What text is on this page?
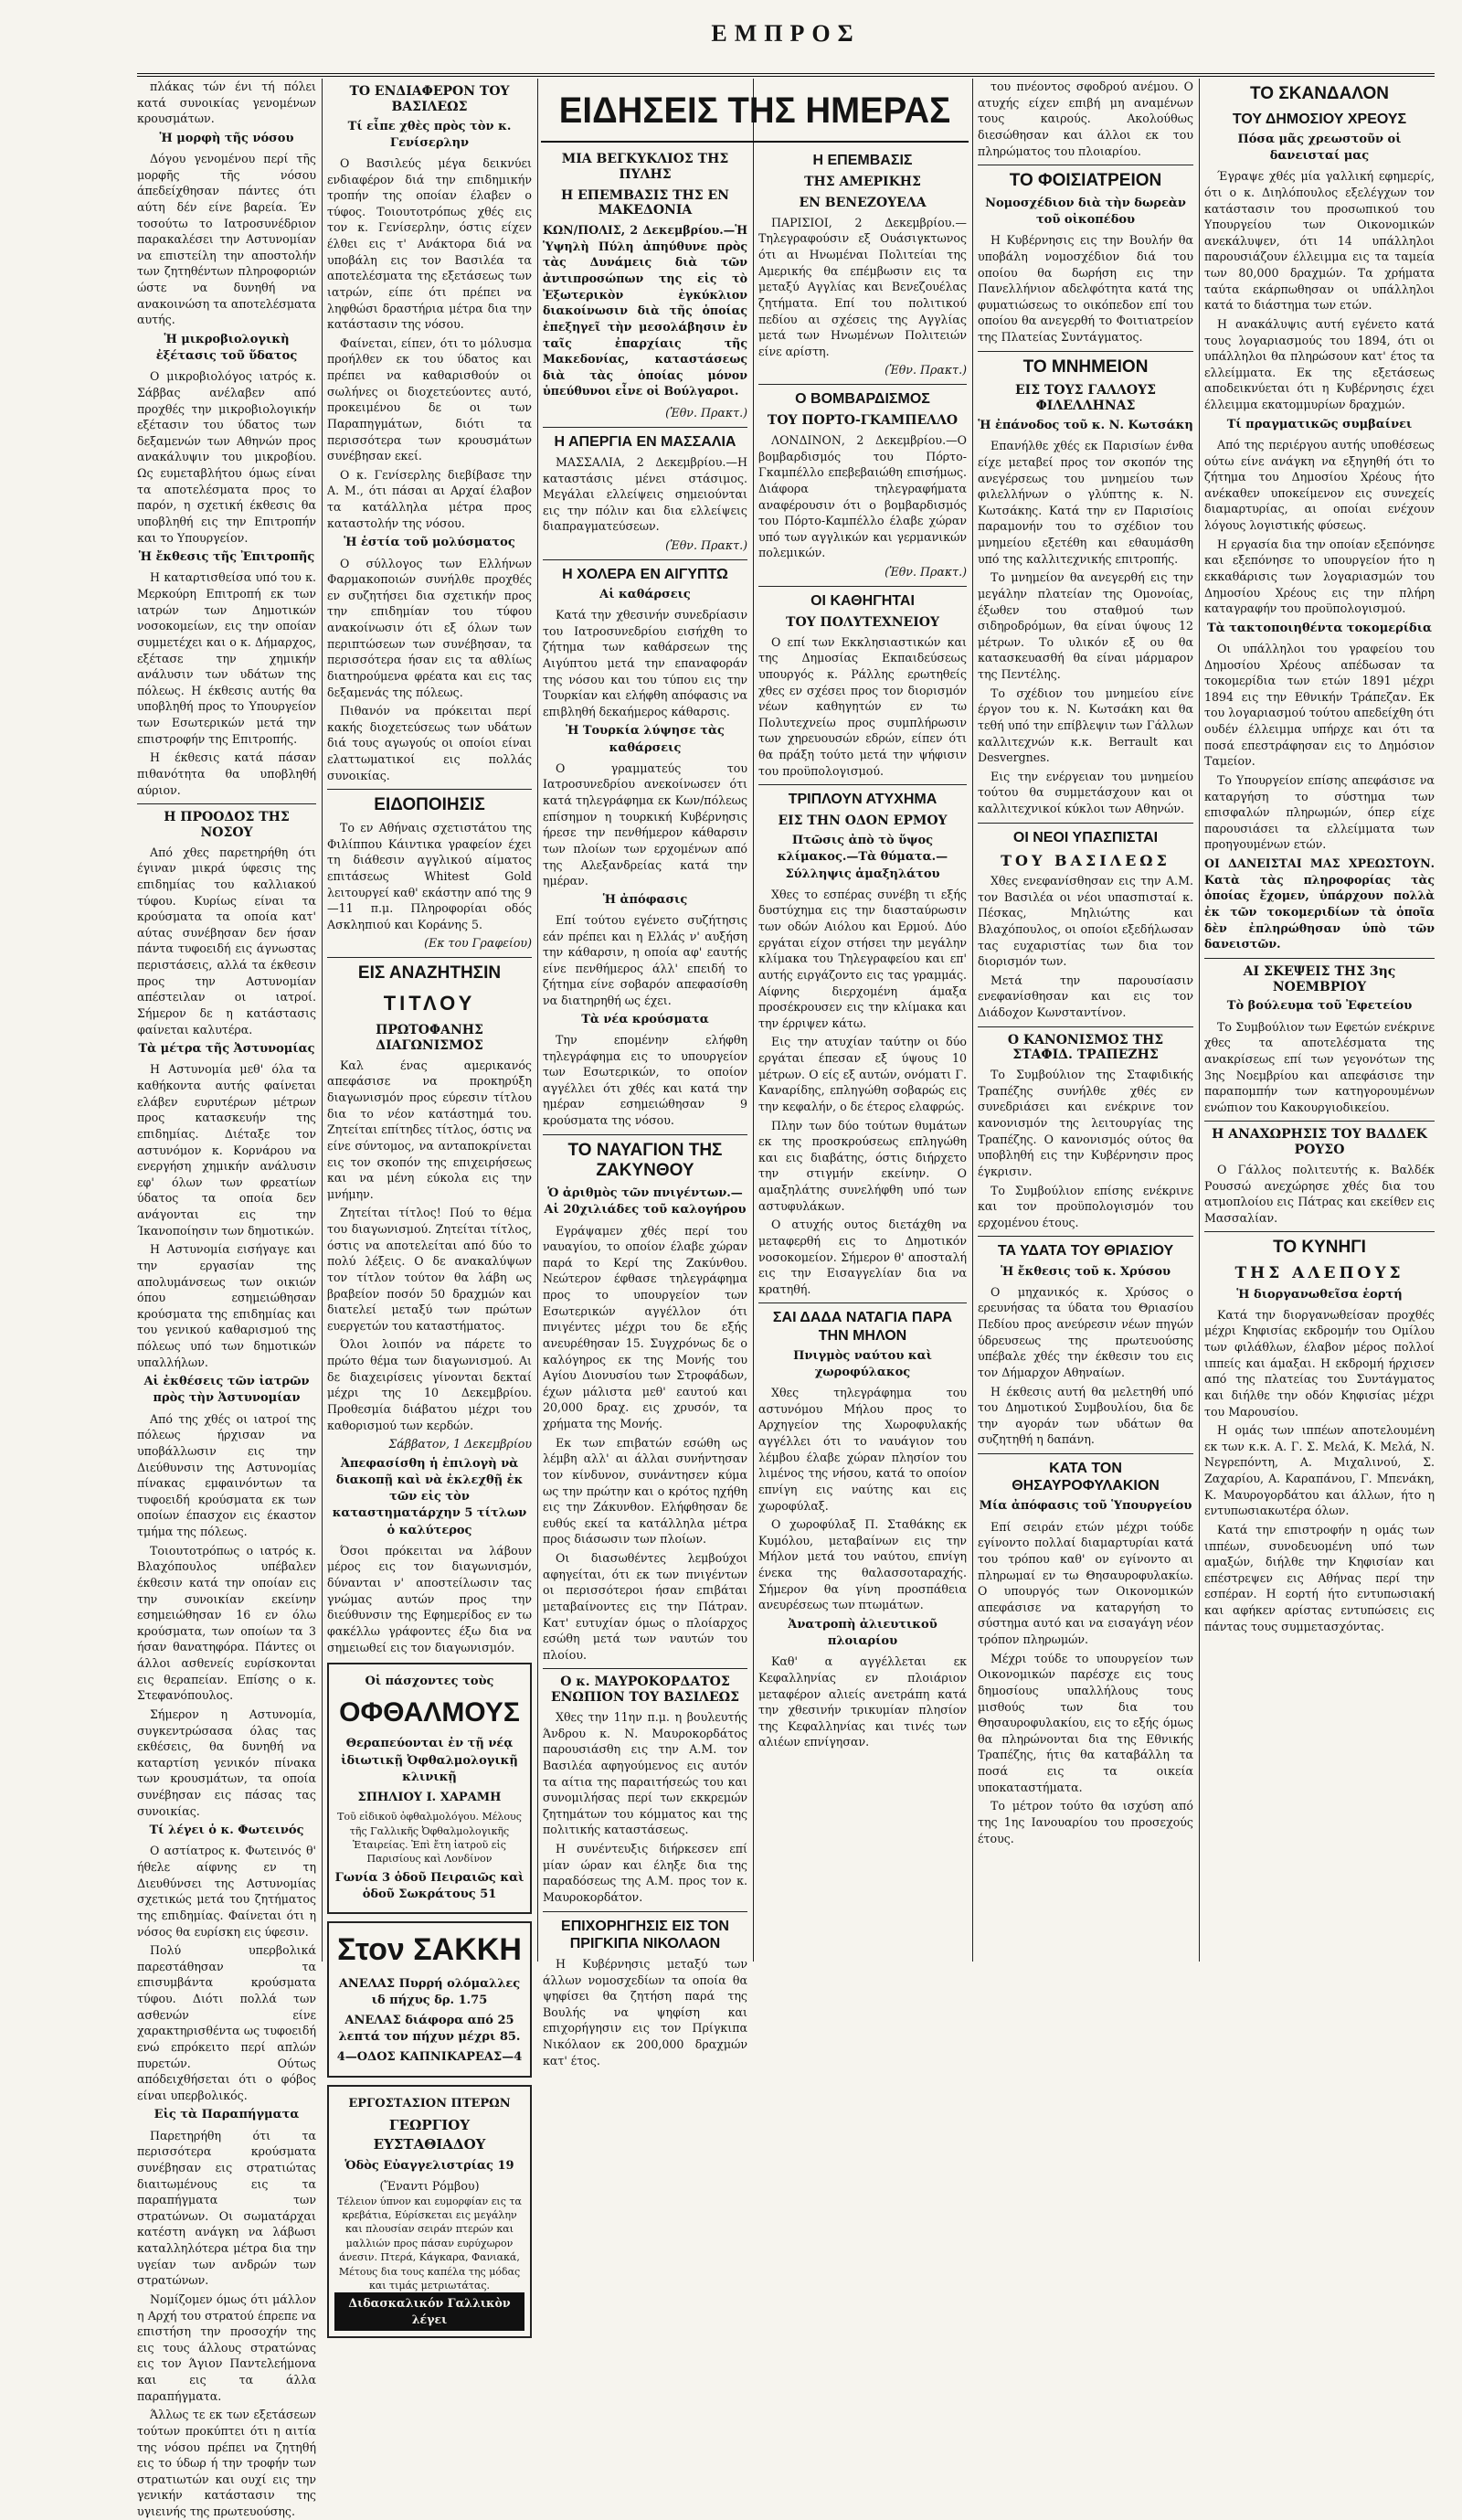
ΕΜΠΡΟΣ

πλάκας τών ένι τή πόλει κατά συνοικίας γενομένων κρουσμάτων.

Ἡ μορφὴ τῆς νόσου

Δόγου γενομένου περί τῆς μορφῆς τῆς νόσου άπεδείχθησαν πάντες ότι αύτη δέν είνε βαρεία. Έν τοσούτω το Ιατροσυνέδριον παρακαλέσει την Αστυνομίαν να επιστείλη την αποστολήν των ζητηθέντων πληροφοριών ώστε να δυνηθή να ανακοινώση τα αποτελέσματα αυτής.

Ἡ μικροβιολογικὴ ἐξέτασις τοῦ ὕδατος

Ο μικροβιολόγος ιατρός κ. Σάββας ανέλαβεν από προχθές την μικροβιολογικήν εξέτασιν του ύδατος των δεξαμενών των Αθηνών προς ανακάλυψιν του μικροβίου. Ως ευμεταβλήτου όμως είναι τα αποτελέσματα προς το παρόν, η σχετική έκθεσις θα υποβληθή εις την Επιτροπήν και το Υπουργείον.

Ἡ ἔκθεσις τῆς Ἐπιτροπῆς

Η καταρτισθείσα υπό του κ. Μερκούρη Επιτροπή εκ των ιατρών των Δημοτικών νοσοκομείων, εις την οποίαν συμμετέχει και ο κ. Δήμαρχος, εξέτασε την χημικήν ανάλυσιν των υδάτων της πόλεως. Η έκθεσις αυτής θα υποβληθή προς το Υπουργείον των Εσωτερικών μετά την επιστροφήν της Επιτροπής.

Η έκθεσις κατά πάσαν πιθανότητα θα υποβληθή αύριον.

Η ΠΡΟΟΔΟΣ ΤΗΣ ΝΟΣΟΥ

Από χθες παρετηρήθη ότι έγιναν μικρά ύφεσις της επιδημίας του καλλιακού τύφου. Κυρίως είναι τα κρούσματα τα οποία κατ' αύτας συνέβησαν δεν ήσαν πάντα τυφοειδή εις άγνωστας περιστάσεις, αλλά τα έκθεσιν προς την Αστυνομίαν απέστειλαν οι ιατροί. Σήμερον δε η κατάστασις φαίνεται καλυτέρα.

Τὰ μέτρα τῆς Ἀστυνομίας

Η Αστυνομία μεθ' όλα τα καθήκοντα αυτής φαίνεται ελάβεν ευρυτέρων μέτρων προς κατασκευήν της επιδημίας. Διέταξε τον αστυνόμον κ. Κορνάρου να ενεργήση χημικήν ανάλυσιν εφ' όλων των φρεατίων ύδατος τα οποία δεν ανάγονται εις την Ίκανοποίησιν των δημοτικών.

Η Αστυνομία εισήγαγε και την εργασίαν της απολυμάνσεως των οικιών όπου εσημειώθησαν κρούσματα της επιδημίας και του γενικού καθαρισμού της πόλεως υπό των δημοτικών υπαλλήλων.

Αἱ ἐκθέσεις τῶν ἰατρῶν πρὸς τὴν Ἀστυνομίαν

Από της χθές οι ιατροί της πόλεως ήρχισαν να υποβάλλωσιν εις την Διεύθυνσιν της Αστυνομίας πίνακας εμφαινόντων τα τυφοειδή κρούσματα εκ των οποίων έπασχον εις έκαστον τμήμα της πόλεως.

Τοιουτοτρόπως ο ιατρός κ. Βλαχόπουλος υπέβαλεν έκθεσιν κατά την οποίαν εις την συνοικίαν εκείνην εσημειώθησαν 16 εν όλω κρούσματα, των οποίων τα 3 ήσαν θανατηφόρα. Πάντες οι άλλοι ασθενείς ευρίσκονται εις θεραπείαν. Επίσης ο κ. Στεφανόπουλος.

Σήμερον η Αστυνομία, συγκεντρώσασα όλας τας εκθέσεις, θα δυνηθή να καταρτίση γενικόν πίνακα των κρουσμάτων, τα οποία συνέβησαν εις πάσας τας συνοικίας.

Τί λέγει ὁ κ. Φωτεινός

Ο αστίατρος κ. Φωτεινός θ' ήθελε αίφνης εν τη Διευθύνσει της Αστυνομίας σχετικώς μετά του ζητήματος της επιδημίας. Φαίνεται ότι η νόσος θα ευρίσκη εις ύφεσιν.

Πολύ υπερβολικά παρεστάθησαν τα επισυμβάντα κρούσματα τύφου. Διότι πολλά των ασθενών είνε χαρακτηρισθέντα ως τυφοειδή ενώ επρόκειτο περί απλών πυρετών. Ούτως απόδειχθήσεται ότι ο φόβος είναι υπερβολικός.

Εἰς τὰ Παραπήγματα

Παρετηρήθη ότι τα περισσότερα κρούσματα συνέβησαν εις στρατιώτας διαιτωμένους εις τα παραπήγματα των στρατώνων. Οι σωματάρχαι κατέστη ανάγκη να λάβωσι καταλληλότερα μέτρα δια την υγείαν των ανδρών των στρατώνων.

Νομίζομεν όμως ότι μάλλον η Αρχή του στρατού έπρεπε να επιστήση την προσοχήν της εις τους άλλους στρατώνας εις τον Άγιον Παντελεήμονα και εις τα άλλα παραπήγματα.

Άλλως τε εκ των εξετάσεων τούτων προκύπτει ότι η αιτία της νόσου πρέπει να ζητηθή εις το ύδωρ ή την τροφήν των στρατιωτών και ουχί εις την γενικήν κατάστασιν της υγιεινής της πρωτευούσης.

ΤΟ ΕΝΔΙΑΦΕΡΟΝ ΤΟΥ ΒΑΣΙΛΕΩΣ
Τί εἶπε χθὲς πρὸς τὸν κ. Γενίσερλην

Ο Βασιλεύς μέγα δεικνύει ενδιαφέρον διά την επιδημικήν τροπήν της οποίαν έλαβεν ο τύφος. Τοιουτοτρόπως χθές εις τον κ. Γενίσερλην, όστις είχεν έλθει εις τ' Ανάκτορα διά να υποβάλη εις τον Βασιλέα τα αποτελέσματα της εξετάσεως των ιατρών, είπε ότι πρέπει να ληφθώσι δραστήρια μέτρα δια την κατάστασιν της νόσου.

Φαίνεται, είπεν, ότι το μόλυσμα προήλθεν εκ του ύδατος και πρέπει να καθαρισθούν οι σωλήνες οι διοχετεύοντες αυτό, προκειμένου δε οι των Παραπηγμάτων, διότι τα περισσότερα των κρουσμάτων συνέβησαν εκεί.

Ο κ. Γενίσερλης διεβίβασε την Α. Μ., ότι πάσαι αι Αρχαί έλαβον τα κατάλληλα μέτρα προς καταστολήν της νόσου.

Ἡ ἑστία τοῦ μολύσματος

Ο σύλλογος των Ελλήνων Φαρμακοποιών συνήλθε προχθές εν συζητήσει δια σχετικήν προς την επιδημίαν του τύφου ανακοίνωσιν ότι εξ όλων των περιπτώσεων των συνέβησαν, τα περισσότερα ήσαν εις τα αθλίως διατηρούμενα φρέατα και εις τας δεξαμενάς της πόλεως.

Πιθανόν να πρόκειται περί κακής διοχετεύσεως των υδάτων διά τους αγωγούς οι οποίοι είναι ελαττωματικοί εις πολλάς συνοικίας.

ΕΙΔΟΠΟΙΗΣΙΣ

Το εν Αθήναις σχετιστάτου της Φιλίππου Κάιντικα γραφείον έχει τη διάθεσιν αγγλικού αίματος επιτάσεως Whitest Gold λειτουργεί καθ' εκάστην από της 9—11 π.μ. Πληροφορίαι οδός Ασκληπιού και Κοράνης 5.

(Εκ του Γραφείου)
ΕΙΣ ΑΝΑΖΗΤΗΣΙΝ
ΤΙΤΛΟΥ
ΠΡΩΤΟΦΑΝΗΣ ΔΙΑΓΩΝΙΣΜΟΣ

Καλ ένας αμερικανός απεφάσισε να προκηρύξη διαγωνισμόν προς εύρεσιν τίτλου δια το νέον κατάστημά του. Ζητείται επίτηδες τίτλος, όστις να είνε σύντομος, να ανταποκρίνεται εις τον σκοπόν της επιχειρήσεως και να μένη εύκολα εις την μνήμην.

Ζητείται τίτλος! Πού το θέμα του διαγωνισμού. Ζητείται τίτλος, όστις να αποτελείται από δύο το πολύ λέξεις. Ο δε ανακαλύψων τον τίτλον τούτον θα λάβη ως βραβείον ποσόν 50 δραχμών και διατελεί μεταξύ των πρώτων ευεργετών του καταστήματος.

Όλοι λοιπόν να πάρετε το πρώτο θέμα των διαγωνισμού. Αι δε διαχειρίσεις γίνονται δεκταί μέχρι της 10 Δεκεμβρίου. Προθεσμία διάβατου μέχρι του καθορισμού των κερδών.

Σάββατον, 1 Δεκεμβρίου
Ἀπεφασίσθη ἡ ἐπιλογὴ νὰ διακοπῇ καὶ νὰ ἐκλεχθῇ ἐκ τῶν εἰς τὸν καταστηματάρχην 5 τίτλων ὁ καλύτερος

Όσοι πρόκειται να λάβουν μέρος εις τον διαγωνισμόν, δύνανται ν' αποστείλωσιν τας γνώμας αυτών προς την διεύθυνσιν της Εφημερίδος εν τω φακέλλω γράφοντες έξω δια να σημειωθεί εις τον διαγωνισμόν.

Οἱ πάσχοντες τοὺς
ΟΦΘΑΛΜΟΥΣ
Θεραπεύονται ἐν τῇ νέᾳ ἰδιωτικῇ Ὀφθαλμολογικῇ κλινικῇ
ΣΠΗΛΙΟΥ Ι. ΧΑΡΑΜΗ
Τοῦ εἰδικοῦ ὀφθαλμολόγου. Μέλους τῆς Γαλλικῆς Ὀφθαλμολογικῆς Ἑταιρείας. Ἐπὶ ἔτη ἰατροῦ εἰς Παρισίους καὶ Λονδίνον
Γωνία 3 ὁδοῦ Πειραιῶς καὶ ὁδοῦ Σωκράτους 51
Στον ΣΑΚΚΗ
ΑΝΕΛΑΣ Πυρρή ολόμαλλες ιδ πήχυς δρ. 1.75
ΑΝΕΛΑΣ διάφορα από 25 λεπτά τον πήχυν μέχρι 85.
4—ΟΔΟΣ ΚΑΠΝΙΚΑΡΕΑΣ—4
ΕΡΓΟΣΤΑΣΙΟΝ ΠΤΕΡΩΝ
ΓΕΩΡΓΙΟΥ ΕΥΣΤΑΘΙΑΔΟΥ
Ὁδὸς Εὐαγγελιστρίας 19
(Ἔναντι Ρόμβου)
Τέλειον ύπνον και ευμορφίαν εις τα κρεβάτια, Εύρίσκεται εις μεγάλην και πλουσίαν σειράν πτερών και μαλλιών προς πάσαν ευρύχωρον άνεσιν. Πτερά, Κάγκαρα, Φανιακά, Μέτους δια τους καπέλα της μόδας και τιμάς μετριωτάτας.
Διδασκαλικόν Γαλλικὸν λέγει
ΕΙΔΗΣΕΙΣ ΤΗΣ ΗΜΕΡΑΣ
ΜΙΑ ΒΕΓΚΥΚΛΙΟΣ ΤΗΣ ΠΥΛΗΣ
Η ΕΠΕΜΒΑΣΙΣ ΤΗΣ ΕΝ ΜΑΚΕΔΟΝΙΑ
ΚΩΝ/ΠΟΛΙΣ, 2 Δεκεμβρίου.—Ἡ Ὑψηλὴ Πύλη ἀπηύθυνε πρὸς τὰς Δυνάμεις διὰ τῶν ἀντιπροσώπων της εἰς τὸ Ἐξωτερικὸν ἐγκύκλιον διακοίνωσιν διὰ τῆς ὁποίας ἐπεξηγεῖ τὴν μεσολάβησιν ἐν ταῖς ἐπαρχίαις τῆς Μακεδονίας, καταστάσεως διὰ τὰς ὁποίας μόνον ὑπεύθυνοι εἶνε οἱ Βούλγαροι.
(Ἐθν. Πρακτ.)
Η ΑΠΕΡΓΙΑ ΕΝ ΜΑΣΣΑΛΙΑ

ΜΑΣΣΑΛΙΑ, 2 Δεκεμβρίου.—Η καταστάσις μένει στάσιμος. Μεγάλαι ελλείψεις σημειούνται εις την πόλιν και δια ελλείψεις διαπραγματεύσεων.

(Ἐθν. Πρακτ.)
Η ΧΟΛΕΡΑ ΕΝ ΑΙΓΥΠΤΩ
Αἱ καθάρσεις

Κατά την χθεσινήν συνεδρίασιν του Ιατροσυνεδρίου εισήχθη το ζήτημα των καθάρσεων της Αιγύπτου μετά την επαναφοράν της νόσου και του τύπου εις την Τουρκίαν και ελήφθη απόφασις να επιβληθή δεκαήμερος κάθαρσις.

Ἡ Τουρκία λύψησε τὰς καθάρσεις

Ο γραμματεύς του Ιατροσυνεδρίου ανεκοίνωσεν ότι κατά τηλεγράφημα εκ Κων/πόλεως επίσημον η τουρκική Κυβέρνησις ήρεσε την πενθήμερον κάθαρσιν των πλοίων των ερχομένων από της Αλεξανδρείας κατά την ημέραν.

Ἡ ἀπόφασις

Επί τούτου εγένετο συζήτησις εάν πρέπει και η Ελλάς ν' αυξήση την κάθαρσιν, η οποία αφ' εαυτής είνε πενθήμερος άλλ' επειδή το ζήτημα είνε σοβαρόν απεφασίσθη να διατηρηθή ως έχει.

Τὰ νέα κρούσματα

Την επομένην ελήφθη τηλεγράφημα εις το υπουργείον των Εσωτερικών, το οποίον αγγέλλει ότι χθές και κατά την ημέραν εσημειώθησαν 9 κρούσματα της νόσου.

ΤΟ ΝΑΥΑΓΙΟΝ ΤΗΣ ΖΑΚΥΝΘΟΥ
Ὁ ἀριθμὸς τῶν πνιγέντων.—Αἱ 20χιλιάδες τοῦ καλογήρου

Εγράψαμεν χθές περί του ναυαγίου, το οποίον έλαβε χώραν παρά το Κερί της Ζακύνθου. Νεώτερον έφθασε τηλεγράφημα προς το υπουργείον των Εσωτερικών αγγέλλον ότι πνιγέντες μέχρι του δε εξής ανευρέθησαν 15. Συγχρόνως δε ο καλόγηρος εκ της Μονής του Αγίου Διονυσίου των Στροφάδων, έχων μάλιστα μεθ' εαυτού και 20,000 δραχ. εις χρυσόν, τα χρήματα της Μονής.

Εκ των επιβατών εσώθη ως λέμβη αλλ' αι άλλαι συνήντησαν τον κίνδυνον, συνάντησεν κύμα ως την πρώτην και ο κρότος ηχήθη εις την Ζάκυνθον. Ελήφθησαν δε ευθύς εκεί τα κατάλληλα μέτρα προς διάσωσιν των πλοίων.

Οι διασωθέντες λεμβούχοι αφηγείται, ότι εκ των πνιγέντων οι περισσότεροι ήσαν επιβάται μεταβαίνοντες εις την Πάτραν. Κατ' ευτυχίαν όμως ο πλοίαρχος εσώθη μετά των ναυτών του πλοίου.

Ο κ. ΜΑΥΡΟΚΟΡΔΑΤΟΣ ΕΝΩΠΙΟΝ ΤΟΥ ΒΑΣΙΛΕΩΣ

Χθες την 11ην π.μ. η βουλευτής Άνδρου κ. Ν. Μαυροκορδάτος παρουσιάσθη εις την Α.Μ. τον Βασιλέα αφηγούμενος εις αυτόν τα αίτια της παραιτήσεώς του και συνομιλήσας περί των εκκρεμών ζητημάτων του κόμματος και της πολιτικής καταστάσεως.

Η συνέντευξις διήρκεσεν επί μίαν ώραν και έληξε δια της παραδόσεως της Α.Μ. προς τον κ. Μαυροκορδάτον.

ΕΠΙΧΟΡΗΓΗΣΙΣ ΕΙΣ ΤΟΝ ΠΡΙΓΚΙΠΑ ΝΙΚΟΛΑΟΝ

Η Κυβέρνησις μεταξύ των άλλων νομοσχεδίων τα οποία θα ψηφίσει θα ζητήση παρά της Βουλής να ψηφίση και επιχορήγησιν εις τον Πρίγκιπα Νικόλαον εκ 200,000 δραχμών κατ' έτος.

Η ΕΠΕΜΒΑΣΙΣ
ΤΗΣ ΑΜΕΡΙΚΗΣ
ΕΝ ΒΕΝΕΖΟΥΕΛΑ

ΠΑΡΙΣΙΟΙ, 2 Δεκεμβρίου.—Τηλεγραφούσιν εξ Ουάσιγκτωνος ότι αι Ηνωμέναι Πολιτείαι της Αμερικής θα επέμβωσιν εις τα μεταξύ Αγγλίας και Βενεζουέλας ζητήματα. Επί του πολιτικού πεδίου αι σχέσεις της Αγγλίας μετά των Ηνωμένων Πολιτειών είνε αρίστη.

(Ἐθν. Πρακτ.)
Ο ΒΟΜΒΑΡΔΙΣΜΟΣ
ΤΟΥ ΠΟΡΤΟ-ΓΚΑΜΠΕΛΛΟ

ΛΟΝΔΙΝΟΝ, 2 Δεκεμβρίου.—Ο βομβαρδισμός του Πόρτο-Γκαμπέλλο επεβεβαιώθη επισήμως. Διάφορα τηλεγραφήματα αναφέρουσιν ότι ο βομβαρδισμός του Πόρτο-Καμπέλλο έλαβε χώραν υπό των αγγλικών και γερμανικών πολεμικών.

(Ἐθν. Πρακτ.)
ΟΙ ΚΑΘΗΓΗΤΑΙ
ΤΟΥ ΠΟΛΥΤΕΧΝΕΙΟΥ

Ο επί των Εκκλησιαστικών και της Δημοσίας Εκπαιδεύσεως υπουργός κ. Ράλλης ερωτηθείς χθες εν σχέσει προς τον διορισμόν νέων καθηγητών εν τω Πολυτεχνείω προς συμπλήρωσιν των χηρευουσών εδρών, είπεν ότι θα πράξη τούτο μετά την ψήφισιν του προϋπολογισμού.

ΤΡΙΠΛΟΥΝ ΑΤΥΧΗΜΑ
ΕΙΣ ΤΗΝ ΟΔΟΝ ΕΡΜΟΥ
Πτῶσις ἀπὸ τὸ ὕψος κλίμακος.—Τὰ θύματα.—Σύλληψις ἁμαξηλάτου

Χθες το εσπέρας συνέβη τι εξής δυστύχημα εις την διασταύρωσιν των οδών Αιόλου και Ερμού. Δύο εργάται είχον στήσει την μεγάλην κλίμακα του Τηλεγραφείου και επ' αυτής ειργάζοντο εις τας γραμμάς. Αίφνης διερχομένη άμαξα προσέκρουσεν εις την κλίμακα και την έρριψεν κάτω.

Εις την ατυχίαν ταύτην οι δύο εργάται έπεσαν εξ ύψους 10 μέτρων. Ο είς εξ αυτών, ονόματι Γ. Καναρίδης, επληγώθη σοβαρώς εις την κεφαλήν, ο δε έτερος ελαφρώς.

Πλην των δύο τούτων θυμάτων εκ της προσκρούσεως επληγώθη και εις διαβάτης, όστις διήρχετο την στιγμήν εκείνην. Ο αμαξηλάτης συνελήφθη υπό των αστυφυλάκων.

Ο ατυχής ουτος διετάχθη να μεταφερθή εις το Δημοτικόν νοσοκομείον. Σήμερον θ' αποσταλή εις την Εισαγγελίαν δια να κρατηθή.

ΣΑΙ ΔΑΔΑ ΝΑΤΑΓΙΑ ΠΑΡΑ ΤΗΝ ΜΗΛΟΝ
Πνιγμὸς ναύτου καὶ χωροφύλακος

Χθες τηλεγράφημα του αστυνόμου Μήλου προς το Αρχηγείον της Χωροφυλακής αγγέλλει ότι το ναυάγιον του λέμβου έλαβε χώραν πλησίον του λιμένος της νήσου, κατά το οποίον επνίγη εις ναύτης και εις χωροφύλαξ.

Ο χωροφύλαξ Π. Σταθάκης εκ Κυμόλου, μεταβαίνων εις την Μήλον μετά του ναύτου, επνίγη ένεκα της θαλασσοταραχής. Σήμερον θα γίνη προσπάθεια ανευρέσεως των πτωμάτων.

Ἀνατροπὴ ἀλιευτικοῦ πλοιαρίου

Καθ' α αγγέλλεται εκ Κεφαλληνίας εν πλοιάριον μεταφέρον αλιείς ανετράπη κατά την χθεσινήν τρικυμίαν πλησίον της Κεφαλληνίας και τινές των αλιέων επνίγησαν.

του πνέοντος σφοδρού ανέμου. Ο ατυχής είχεν επιβή μη αναμένων τους καιρούς. Ακολούθως διεσώθησαν και άλλοι εκ του πληρώματος του πλοιαρίου.

ΤΟ ΦΟΙΣΙΑΤΡΕΙΟΝ
Νομοσχέδιον διὰ τὴν δωρεὰν τοῦ οἰκοπέδου

Η Κυβέρνησις εις την Βουλήν θα υποβάλη νομοσχέδιον διά του οποίου θα δωρήση εις την Πανελλήνιον αδελφότητα κατά της φυματιώσεως το οικόπεδον επί του οποίου θα ανεγερθή το Φοιτιατρείον της Πλατείας Συντάγματος.

ΤΟ ΜΝΗΜΕΙΟΝ
ΕΙΣ ΤΟΥΣ ΓΑΛΛΟΥΣ ΦΙΛΕΛΛΗΝΑΣ
Ἡ ἐπάνοδος τοῦ κ. Ν. Κωτσάκη

Επανήλθε χθές εκ Παρισίων ένθα είχε μεταβεί προς τον σκοπόν της ανεγέρσεως του μνημείου των φιλελλήνων ο γλύπτης κ. Ν. Κωτσάκης. Κατά την εν Παρισίοις παραμονήν του το σχέδιον του μνημείου εξετέθη και εθαυμάσθη υπό της καλλιτεχνικής επιτροπής.

Το μνημείον θα ανεγερθή εις την μεγάλην πλατείαν της Ομονοίας, έξωθεν του σταθμού των σιδηροδρόμων, θα είναι ύψους 12 μέτρων. Το υλικόν εξ ου θα κατασκευασθή θα είναι μάρμαρον της Πεντέλης.

Το σχέδιον του μνημείου είνε έργον του κ. Ν. Κωτσάκη και θα τεθή υπό την επίβλεψιν των Γάλλων καλλιτεχνών κ.κ. Berrault και Desvergnes.

Εις την ενέργειαν του μνημείου τούτου θα συμμετάσχουν και οι καλλιτεχνικοί κύκλοι των Αθηνών.

ΟΙ ΝΕΟΙ ΥΠΑΣΠΙΣΤΑΙ
ΤΟΥ ΒΑΣΙΛΕΩΣ

Χθες ενεφανίσθησαν εις την Α.Μ. τον Βασιλέα οι νέοι υπασπισταί κ. Πέσκας, Μηλιώτης και Βλαχόπουλος, οι οποίοι εξεδήλωσαν τας ευχαριστίας των δια τον διορισμόν των.

Μετά την παρουσίασιν ενεφανίσθησαν και εις τον Διάδοχον Κωνσταντίνον.

Ο ΚΑΝΟΝΙΣΜΟΣ ΤΗΣ ΣΤΑΦΙΔ. ΤΡΑΠΕΖΗΣ

Το Συμβούλιον της Σταφιδικής Τραπέζης συνήλθε χθές εν συνεδριάσει και ενέκρινε τον κανονισμόν της λειτουργίας της Τραπέζης. Ο κανονισμός ούτος θα υποβληθή εις την Κυβέρνησιν προς έγκρισιν.

Το Συμβούλιον επίσης ενέκρινε και τον προϋπολογισμόν του ερχομένου έτους.

ΤΑ ΥΔΑΤΑ ΤΟΥ ΘΡΙΑΣΙΟΥ
Ἡ ἔκθεσις τοῦ κ. Χρύσου

Ο μηχανικός κ. Χρύσος ο ερευνήσας τα ύδατα του Θριασίου Πεδίου προς ανεύρεσιν νέων πηγών ύδρευσεως της πρωτευούσης υπέβαλε χθές την έκθεσιν του εις τον Δήμαρχον Αθηναίων.

Η έκθεσις αυτή θα μελετηθή υπό του Δημοτικού Συμβουλίου, δια δε την αγοράν των υδάτων θα συζητηθή η δαπάνη.

ΚΑΤΑ ΤΟΝ ΘΗΣΑΥΡΟΦΥΛΑΚΙΟΝ
Μία ἀπόφασις τοῦ Ὑπουργείου

Επί σειράν ετών μέχρι τούδε εγίνοντο πολλαί διαμαρτυρίαι κατά του τρόπου καθ' ον εγίνοντο αι πληρωμαί εν τω Θησαυροφυλακίω. Ο υπουργός των Οικονομικών απεφάσισε να καταργήση το σύστημα αυτό και να εισαγάγη νέον τρόπον πληρωμών.

Μέχρι τούδε το υπουργείον των Οικονομικών παρέσχε εις τους δημοσίους υπαλλήλους τους μισθούς των δια του Θησαυροφυλακίου, εις το εξής όμως θα πληρώνονται δια της Εθνικής Τραπέζης, ήτις θα καταβάλλη τα ποσά εις τα οικεία υποκαταστήματα.

Το μέτρον τούτο θα ισχύση από της 1ης Ιανουαρίου του προσεχούς έτους.

ΤΟ ΣΚΑΝΔΑΛΟΝ
ΤΟΥ ΔΗΜΟΣΙΟΥ ΧΡΕΟΥΣ
Πόσα μᾶς χρεωστοῦν οἱ δανεισταί μας

Έγραψε χθές μία γαλλική εφημερίς, ότι ο κ. Διηλόπουλος εξελέγχων τον κατάστασιν του προσωπικού του Υπουργείου των Οικονομικών ανεκάλυψεν, ότι 14 υπάλληλοι παρουσιάζουν έλλειμμα εις τα ταμεία των 80,000 δραχμών. Τα χρήματα ταύτα εκάρπωθησαν οι υπάλληλοι κατά το διάστημα των ετών.

Η ανακάλυψις αυτή εγένετο κατά τους λογαριασμούς του 1894, ότι οι υπάλληλοι θα πληρώσουν κατ' έτος τα ελλείμματα. Εκ της εξετάσεως αποδεικνύεται ότι η Κυβέρνησις έχει έλλειμμα εκατομμυρίων δραχμών.

Τί πραγματικῶς συμβαίνει

Από της περιέργου αυτής υποθέσεως ούτω είνε ανάγκη να εξηγηθή ότι το ζήτημα του Δημοσίου Χρέους ήτο ανέκαθεν υποκείμενον εις συνεχείς διαμαρτυρίας, αι οποίαι ενέχουν λόγους λογιστικής φύσεως.

Η εργασία δια την οποίαν εξεπόνησε και εξεπόνησε το υπουργείον ήτο η εκκαθάρισις των λογαριασμών του Δημοσίου Χρέους εις την πλήρη καταγραφήν του προϋπολογισμού.

Τὰ τακτοποιηθέντα τοκομερίδια

Οι υπάλληλοι του γραφείου του Δημοσίου Χρέους απέδωσαν τα τοκομερίδια των ετών 1891 μέχρι 1894 εις την Εθνικήν Τράπεζαν. Εκ του λογαριασμού τούτου απεδείχθη ότι ουδέν έλλειμμα υπήρχε και ότι τα ποσά επεστράφησαν εις το Δημόσιον Ταμείον.

Το Υπουργείον επίσης απεφάσισε να καταργήση το σύστημα των επισφαλών πληρωμών, όπερ είχε παρουσιάσει τα ελλείμματα των προηγουμένων ετών.

ΟΙ ΔΑΝΕΙΣΤΑΙ ΜΑΣ ΧΡΕΩΣΤΟΥΝ. Κατὰ τὰς πληροφορίας τὰς ὁποίας ἔχομεν, ὑπάρχουν πολλὰ ἐκ τῶν τοκομεριδίων τὰ ὁποῖα δὲν ἐπληρώθησαν ὑπὸ τῶν δανειστῶν.
ΑΙ ΣΚΕΨΕΙΣ ΤΗΣ 3ης ΝΟΕΜΒΡΙΟΥ
Τὸ βούλευμα τοῦ Ἐφετείου

Το Συμβούλιον των Εφετών ενέκρινε χθες τα αποτελέσματα της ανακρίσεως επί των γεγονότων της 3ης Νοεμβρίου και απεφάσισε την παραπομπήν των κατηγορουμένων ενώπιον του Κακουργιοδικείου.

Η ΑΝΑΧΩΡΗΣΙΣ ΤΟΥ ΒΑΔΔΕΚ ΡΟΥΣΟ

Ο Γάλλος πολιτευτής κ. Βαλδέκ Ρουσσώ ανεχώρησε χθές δια του ατμοπλοίου εις Πάτρας και εκείθεν εις Μασσαλίαν.

ΤΟ ΚΥΝΗΓΙ
ΤΗΣ ΑΛΕΠΟΥΣ
Ἡ διοργανωθεῖσα ἑορτή

Κατά την διοργανωθείσαν προχθές μέχρι Κηφισίας εκδρομήν του Ομίλου των φιλάθλων, έλαβον μέρος πολλοί ιππείς και άμαξαι. Η εκδρομή ήρχισεν από της πλατείας του Συντάγματος και διήλθε την οδόν Κηφισίας μέχρι του Μαρουσίου.

Η ομάς των ιππέων αποτελουμένη εκ των κ.κ. Α. Γ. Σ. Μελά, Κ. Μελά, Ν. Νεγρεπόντη, Α. Μιχαλινού, Σ. Ζαχαρίου, Α. Καραπάνου, Γ. Μπενάκη, Κ. Μαυρογορδάτου και άλλων, ήτο η εντυπωσιακωτέρα όλων.

Κατά την επιστροφήν η ομάς των ιππέων, συνοδευομένη υπό των αμαξών, διήλθε την Κηφισίαν και επέστρεψεν εις Αθήνας περί την εσπέραν. Η εορτή ήτο εντυπωσιακή και αφήκεν αρίστας εντυπώσεις εις πάντας τους συμμετασχόντας.
